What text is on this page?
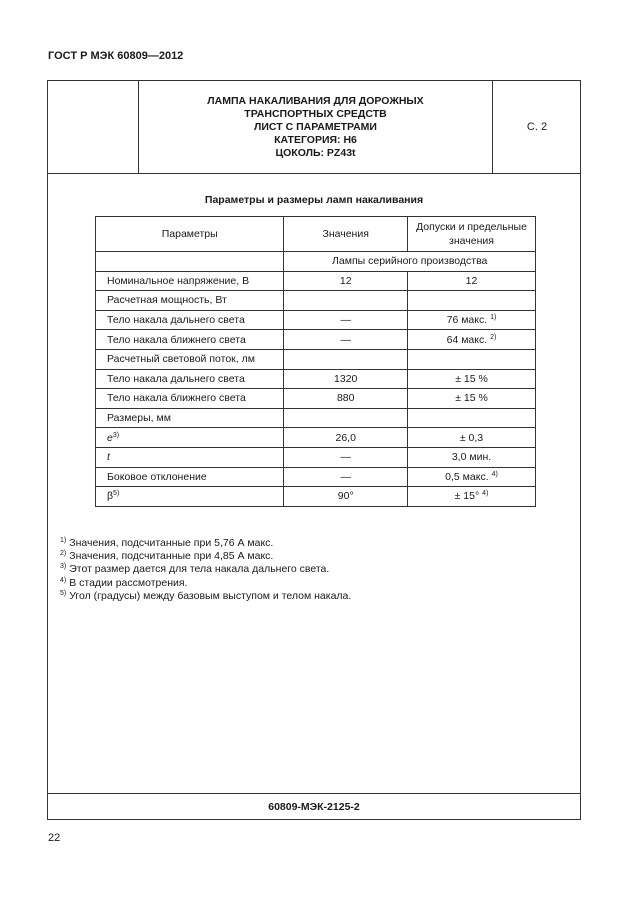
ГОСТ Р МЭК 60809—2012
ЛАМПА НАКАЛИВАНИЯ ДЛЯ ДОРОЖНЫХ
ТРАНСПОРТНЫХ СРЕДСТВ
ЛИСТ С ПАРАМЕТРАМИ
КАТЕГОРИЯ: H6
ЦОКОЛЬ: PZ43t
С. 2
Параметры и размеры ламп накаливания
Параметры	Значения	Допуски и предельные значения
	Лампы серийного производства	
Номинальное напряжение, В	12	12
Расчетная мощность, Вт		
Тело накала дальнего света	—	76 макс. $^{1)}$
Тело накала ближнего света	—	64 макс. $^{2)}$
Расчетный световой поток, лм		
Тело накала дальнего света	1320	± 15 %
Тело накала ближнего света	880	± 15 %
Размеры, мм		
$e^{3)}$	26,0	± 0,3
t	—	3,0 мин.
Боковое отклонение	—	0,5 макс. $^{4)}$
$\beta^{5)}$	90°	± 15° $^{4)}$
$^{1)}$ Значения, подсчитанные при 5,76 А макс.
$^{2)}$ Значения, подсчитанные при 4,85 А макс.
$^{3)}$ Этот размер дается для тела накала дальнего света.
$^{4)}$ В стадии рассмотрения.
$^{5)}$ Угол (градусы) между базовым выступом и телом накала.
60809-МЭК-2125-2
22
